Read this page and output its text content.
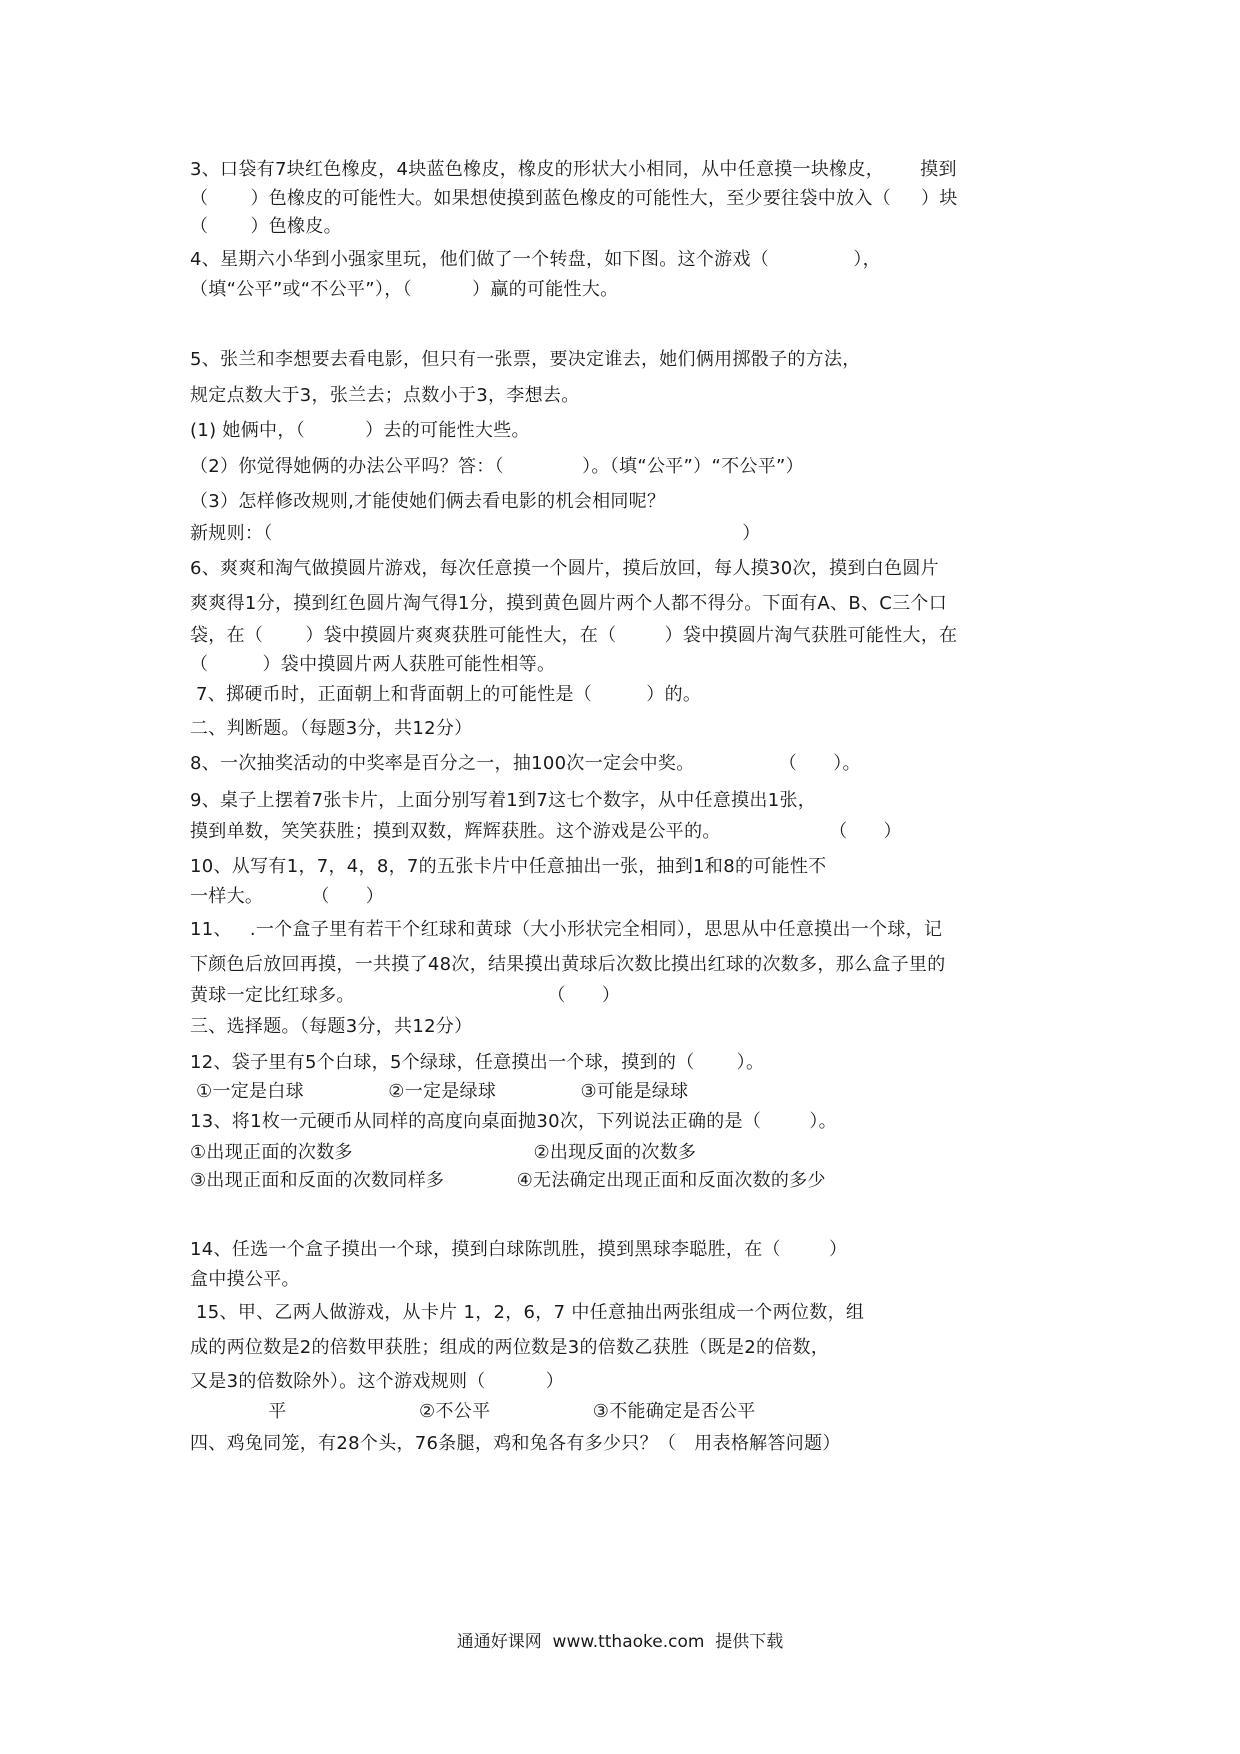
3、口袋有7块红色橡皮，4块蓝色橡皮，橡皮的形状大小相同，从中任意摸一块橡皮，      摸到
（       ）色橡皮的可能性大。如果想使摸到蓝色橡皮的可能性大，至少要往袋中放入（     ）块
（       ）色橡皮。
4、星期六小华到小强家里玩，他们做了一个转盘，如下图。这个游戏（              ），
（填“公平”或“不公平”），（          ）赢的可能性大。
5、张兰和李想要去看电影，但只有一张票，要决定谁去，她们俩用掷骰子的方法，
规定点数大于3，张兰去；点数小于3，李想去。
(1) 她俩中，（          ）去的可能性大些。
（2）你觉得她俩的办法公平吗？答：（             ）。（填“公平”）“不公平”）
（3）怎样修改规则,才能使她们俩去看电影的机会相同呢？
新规则：（                                                                              ）
6、爽爽和淘气做摸圆片游戏，每次任意摸一个圆片，摸后放回，每人摸30次，摸到白色圆片
爽爽得1分，摸到红色圆片淘气得1分，摸到黄色圆片两个人都不得分。下面有A、B、C三个口
袋，在（       ）袋中摸圆片爽爽获胜可能性大，在（        ）袋中摸圆片淘气获胜可能性大，在
（         ）袋中摸圆片两人获胜可能性相等。
7、掷硬币时，正面朝上和背面朝上的可能性是（         ）的。
二、判断题。（每题3分，共12分）
8、一次抽奖活动的中奖率是百分之一，抽100次一定会中奖。              （      ）。
9、桌子上摆着7张卡片，上面分别写着1到7这七个数字，从中任意摸出1张，
摸到单数，笑笑获胜；摸到双数，辉辉获胜。这个游戏是公平的。                  （      ）
10、从写有1，7，4，8，7的五张卡片中任意抽出一张，抽到1和8的可能性不
一样大。        （      ）
11、   .一个盒子里有若干个红球和黄球（大小形状完全相同），思思从中任意摸出一个球，记
下颜色后放回再摸，一共摸了48次，结果摸出黄球后次数比摸出红球的次数多，那么盒子里的
黄球一定比红球多。                                （      ）
三、选择题。（每题3分，共12分）
12、袋子里有5个白球，5个绿球，任意摸出一个球，摸到的（       ）。
①一定是白球              ②一定是绿球              ③可能是绿球
13、将1枚一元硬币从同样的高度向桌面抛30次，下列说法正确的是（        ）。
①出现正面的次数多                              ②出现反面的次数多
③出现正面和反面的次数同样多            ④无法确定出现正面和反面次数的多少
14、任选一个盒子摸出一个球，摸到白球陈凯胜，摸到黑球李聪胜，在（        ）
盒中摸公平。
15、甲、乙两人做游戏，从卡片 1，2，6，7 中任意抽出两张组成一个两位数，组
成的两位数是2的倍数甲获胜；组成的两位数是3的倍数乙获胜（既是2的倍数，
又是3的倍数除外）。这个游戏规则（          ）
平                      ②不公平                 ③不能确定是否公平
四、鸡兔同笼，有28个头，76条腿，鸡和兔各有多少只？（   用表格解答问题）
通通好课网  www.tthaoke.com  提供下载
